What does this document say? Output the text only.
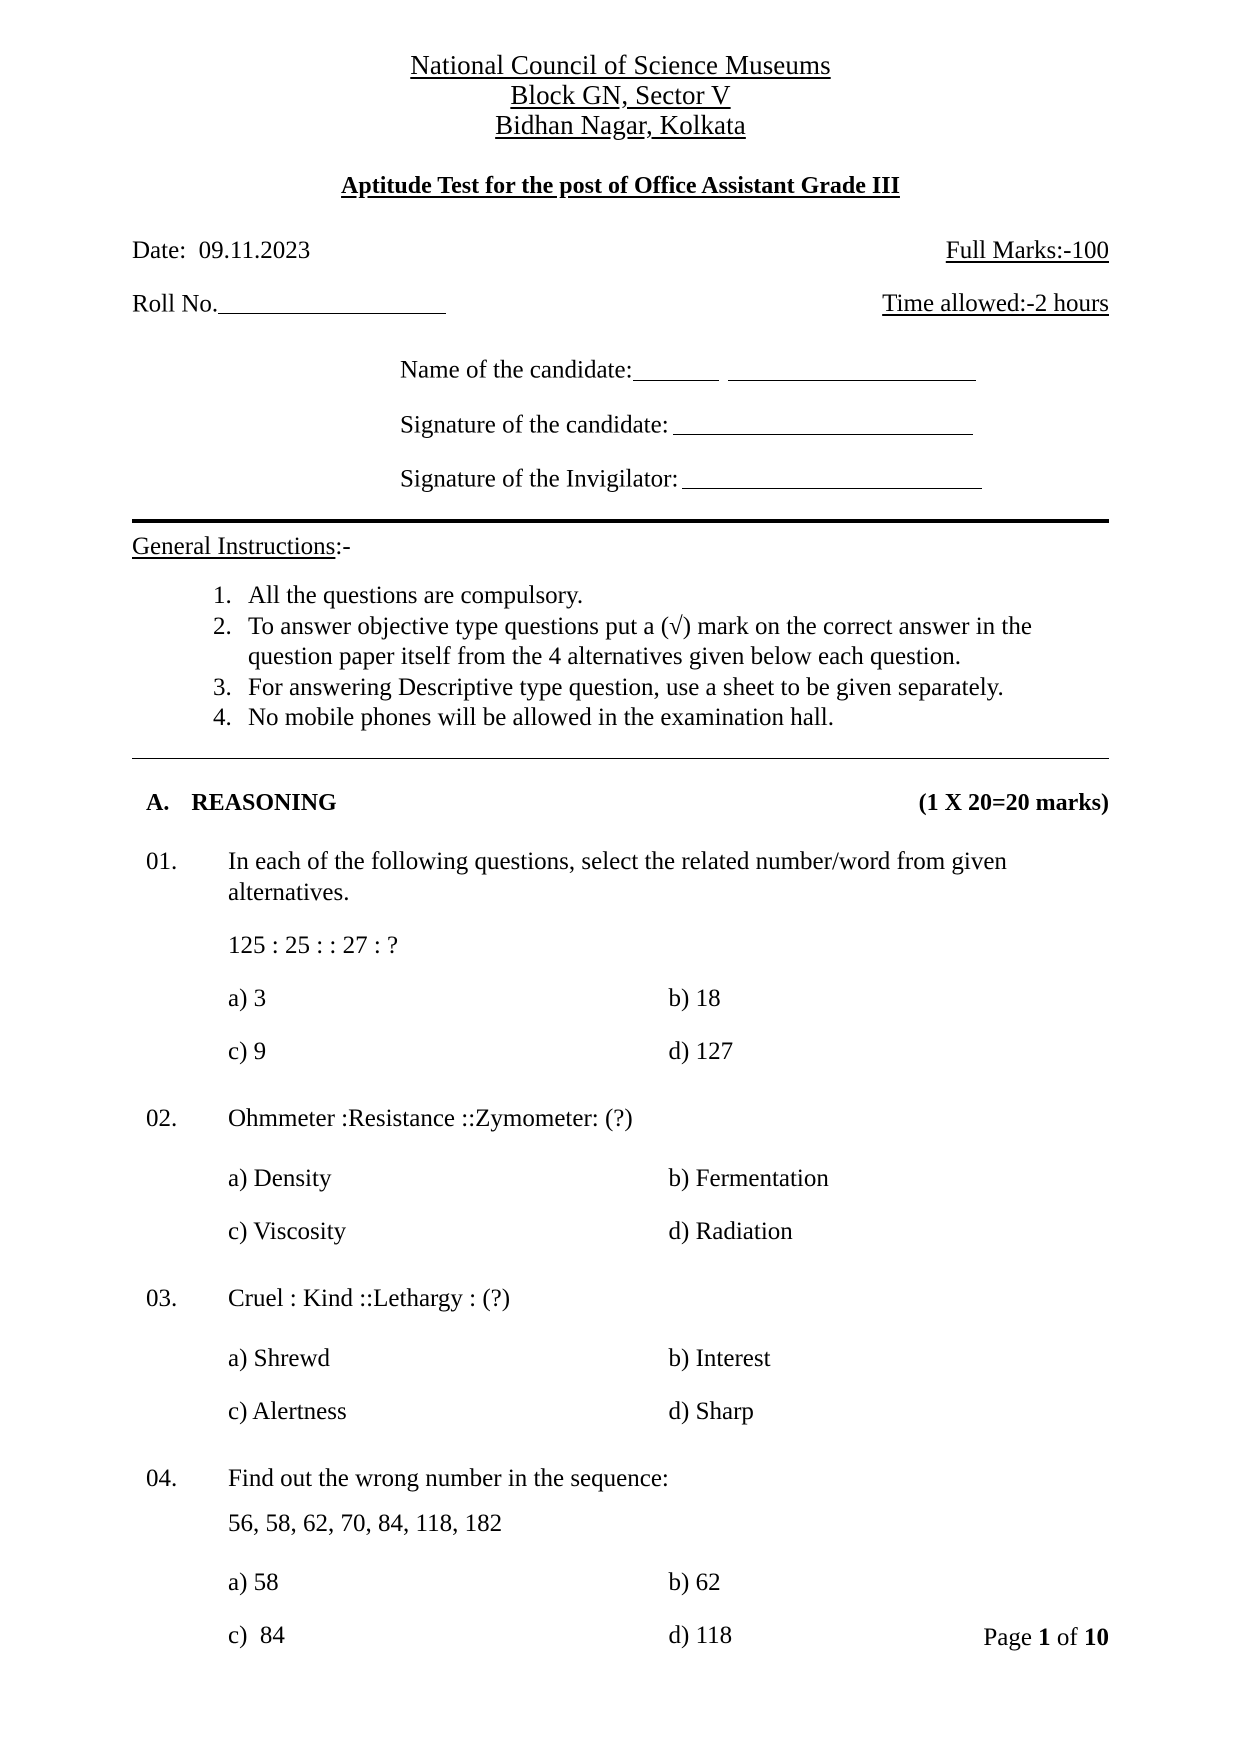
National Council of Science Museums
Block GN, Sector V
Bidhan Nagar, Kolkata
Aptitude Test for the post of Office Assistant Grade III
Date:  09.11.2023	Full Marks:-100
Roll No.	Time allowed:-2 hours
Name of the candidate:
Signature of the candidate:
Signature of the Invigilator:
General Instructions:-
1. All the questions are compulsory.
2. To answer objective type questions put a (√) mark on the correct answer in the question paper itself from the 4 alternatives given below each question.
3. For answering Descriptive type question, use a sheet to be given separately.
4. No mobile phones will be allowed in the examination hall.
A. REASONING	(1 X 20=20 marks)
01.	In each of the following questions, select the related number/word from given alternatives.
125 : 25 : : 27 : ?
a) 3	b) 18
c) 9	d) 127
02.	Ohmmeter :Resistance ::Zymometer: (?)
a) Density	b) Fermentation
c) Viscosity	d) Radiation
03.	Cruel : Kind ::Lethargy : (?)
a) Shrewd	b) Interest
c) Alertness	d) Sharp
04.	Find out the wrong number in the sequence:
56, 58, 62, 70, 84, 118, 182
a) 58	b) 62
c)  84	d) 118	Page 1 of 10
